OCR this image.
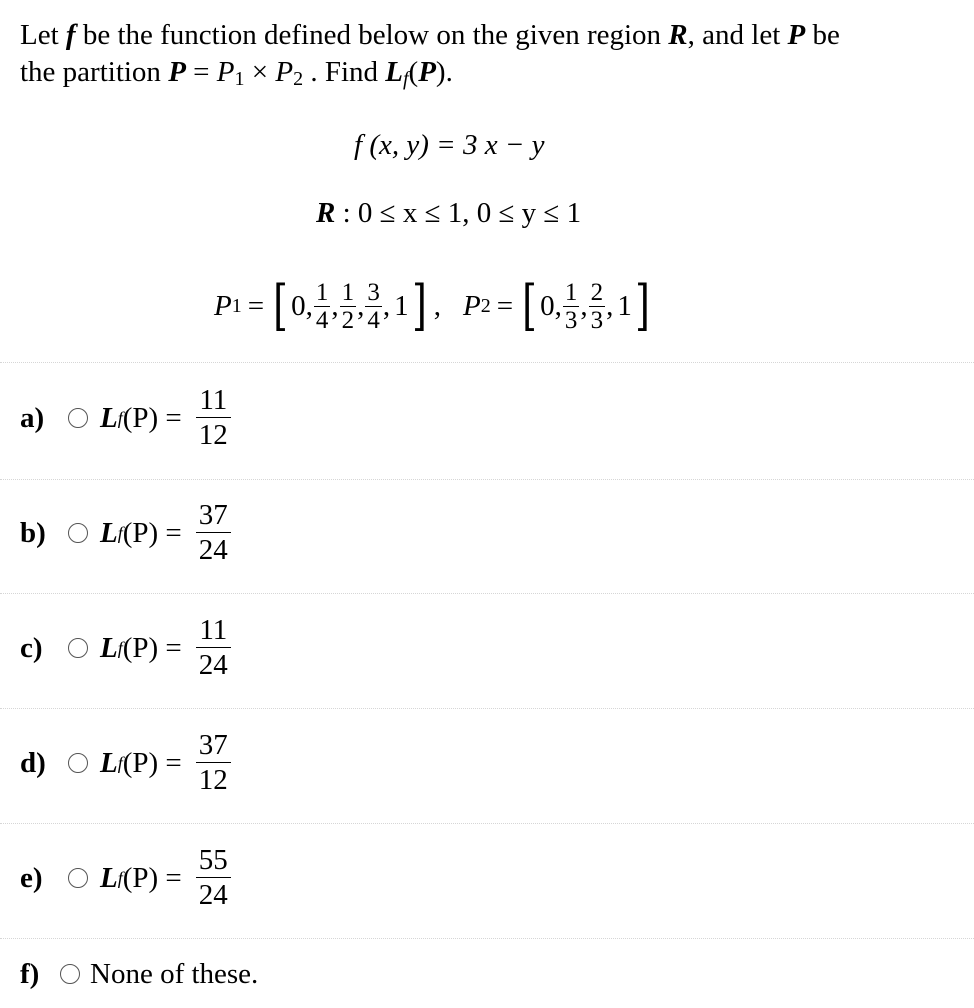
Let f be the function defined below on the given region R, and let P be
the partition $P = P_1 \times P_2$ . Find $L_f(P)$.
f (x, y) = 3 x − y
R : 0 ≤ x ≤ 1, 0 ≤ y ≤ 1
P 1 = [ 0, $\frac{1}{4}$ , $\frac{1}{2}$ , $\frac{3}{4}$ , 1 ] , P 2 = [ 0, $\frac{1}{3}$ , $\frac{2}{3}$ , 1 ]
a)	L f $(P) = \frac{11}{12}$
b)	L f $(P) = \frac{37}{24}$
c)	L f $(P) = \frac{11}{24}$
d)	L f $(P) = \frac{37}{12}$
e)	L f $(P) = \frac{55}{24}$
f)	None of these.
